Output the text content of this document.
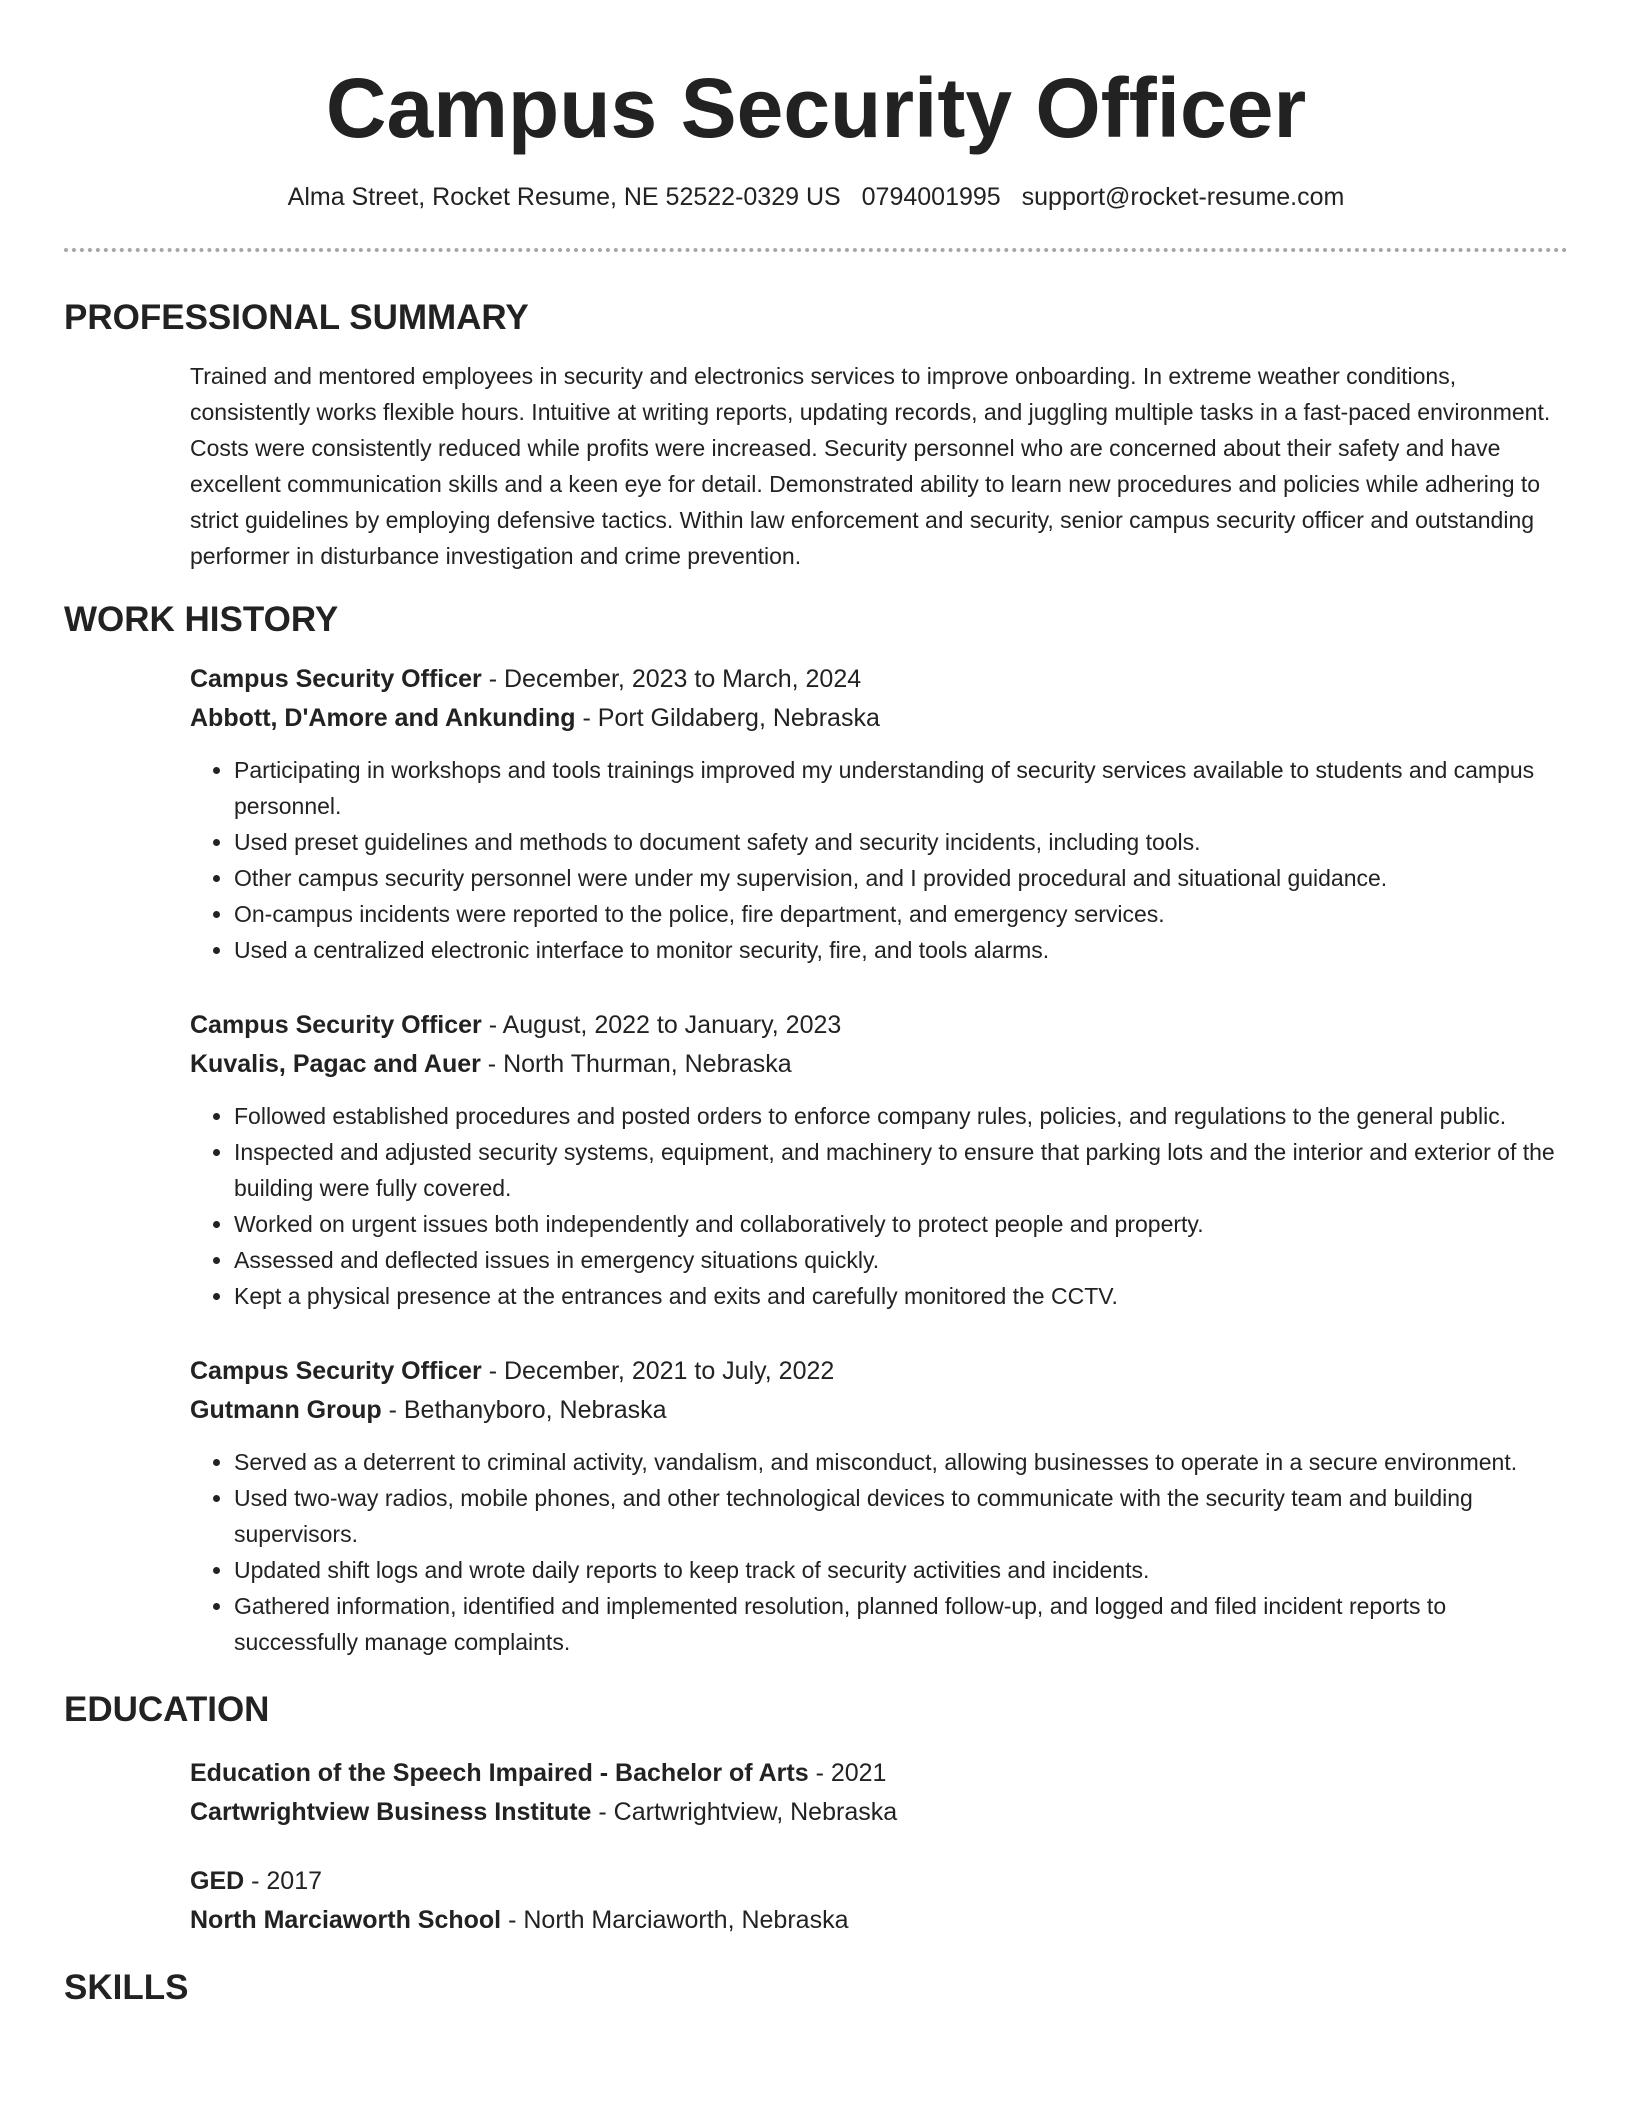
Campus Security Officer
Alma Street, Rocket Resume, NE 52522-0329 US 0794001995 support@rocket-resume.com
PROFESSIONAL SUMMARY

Trained and mentored employees in security and electronics services to improve onboarding. In extreme weather conditions, consistently works flexible hours. Intuitive at writing reports, updating records, and juggling multiple tasks in a fast-paced environment. Costs were consistently reduced while profits were increased. Security personnel who are concerned about their safety and have excellent communication skills and a keen eye for detail. Demonstrated ability to learn new procedures and policies while adhering to strict guidelines by employing defensive tactics. Within law enforcement and security, senior campus security officer and outstanding performer in disturbance investigation and crime prevention.

WORK HISTORY
Campus Security Officer - December, 2023 to March, 2024
Abbott, D'Amore and Ankunding - Port Gildaberg, Nebraska
• Participating in workshops and tools trainings improved my understanding of security services available to students and campus personnel.
• Used preset guidelines and methods to document safety and security incidents, including tools.
• Other campus security personnel were under my supervision, and I provided procedural and situational guidance.
• On-campus incidents were reported to the police, fire department, and emergency services.
• Used a centralized electronic interface to monitor security, fire, and tools alarms.
Campus Security Officer - August, 2022 to January, 2023
Kuvalis, Pagac and Auer - North Thurman, Nebraska
• Followed established procedures and posted orders to enforce company rules, policies, and regulations to the general public.
• Inspected and adjusted security systems, equipment, and machinery to ensure that parking lots and the interior and exterior of the building were fully covered.
• Worked on urgent issues both independently and collaboratively to protect people and property.
• Assessed and deflected issues in emergency situations quickly.
• Kept a physical presence at the entrances and exits and carefully monitored the CCTV.
Campus Security Officer - December, 2021 to July, 2022
Gutmann Group - Bethanyboro, Nebraska
• Served as a deterrent to criminal activity, vandalism, and misconduct, allowing businesses to operate in a secure environment.
• Used two-way radios, mobile phones, and other technological devices to communicate with the security team and building supervisors.
• Updated shift logs and wrote daily reports to keep track of security activities and incidents.
• Gathered information, identified and implemented resolution, planned follow-up, and logged and filed incident reports to successfully manage complaints.
EDUCATION
Education of the Speech Impaired - Bachelor of Arts - 2021
Cartwrightview Business Institute - Cartwrightview, Nebraska
GED - 2017
North Marciaworth School - North Marciaworth, Nebraska
SKILLS
